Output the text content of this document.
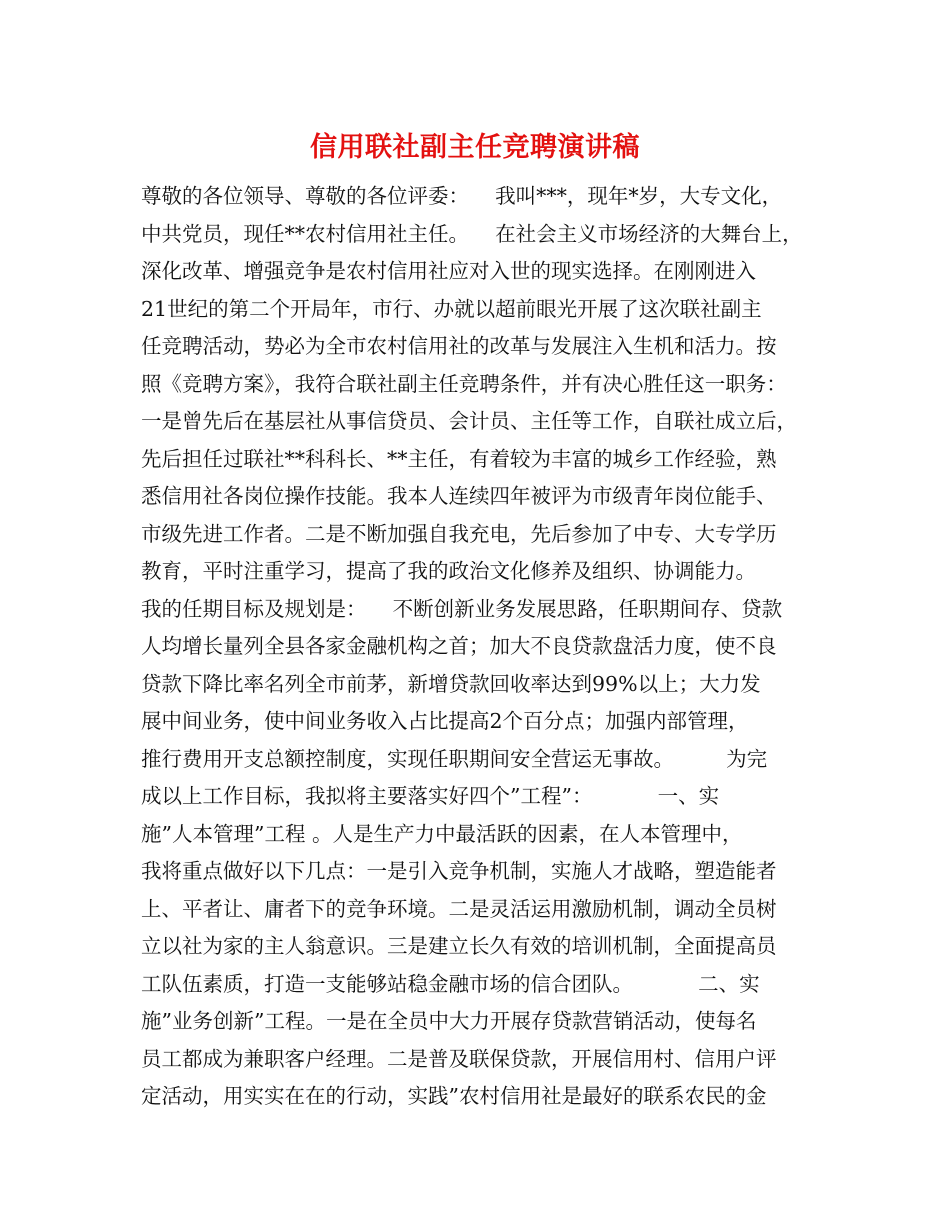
信用联社副主任竞聘演讲稿
尊敬的各位领导、尊敬的各位评委：    我叫***，现年*岁，大专文化，
中共党员，现任**农村信用社主任。    在社会主义市场经济的大舞台上，
深化改革、增强竞争是农村信用社应对入世的现实选择。在刚刚进入
21世纪的第二个开局年，市行、办就以超前眼光开展了这次联社副主
任竞聘活动，势必为全市农村信用社的改革与发展注入生机和活力。按
照《竞聘方案》，我符合联社副主任竞聘条件，并有决心胜任这一职务：
一是曾先后在基层社从事信贷员、会计员、主任等工作，自联社成立后，
先后担任过联社**科科长、**主任，有着较为丰富的城乡工作经验，熟
悉信用社各岗位操作技能。我本人连续四年被评为市级青年岗位能手、
市级先进工作者。二是不断加强自我充电，先后参加了中专、大专学历
教育，平时注重学习，提高了我的政治文化修养及组织、协调能力。
我的任期目标及规划是：    不断创新业务发展思路，任职期间存、贷款
人均增长量列全县各家金融机构之首；加大不良贷款盘活力度，使不良
贷款下降比率名列全市前茅，新增贷款回收率达到99%以上；大力发
展中间业务，使中间业务收入占比提高2个百分点；加强内部管理，
推行费用开支总额控制度，实现任职期间安全营运无事故。        为完
成以上工作目标，我拟将主要落实好四个”工程”：          一、实
施”人本管理”工程 。人是生产力中最活跃的因素，在人本管理中，
我将重点做好以下几点：一是引入竞争机制，实施人才战略，塑造能者
上、平者让、庸者下的竞争环境。二是灵活运用激励机制，调动全员树
立以社为家的主人翁意识。三是建立长久有效的培训机制，全面提高员
工队伍素质，打造一支能够站稳金融市场的信合团队。          二、实
施”业务创新”工程。一是在全员中大力开展存贷款营销活动，使每名
员工都成为兼职客户经理。二是普及联保贷款，开展信用村、信用户评
定活动，用实实在在的行动，实践”农村信用社是最好的联系农民的金
